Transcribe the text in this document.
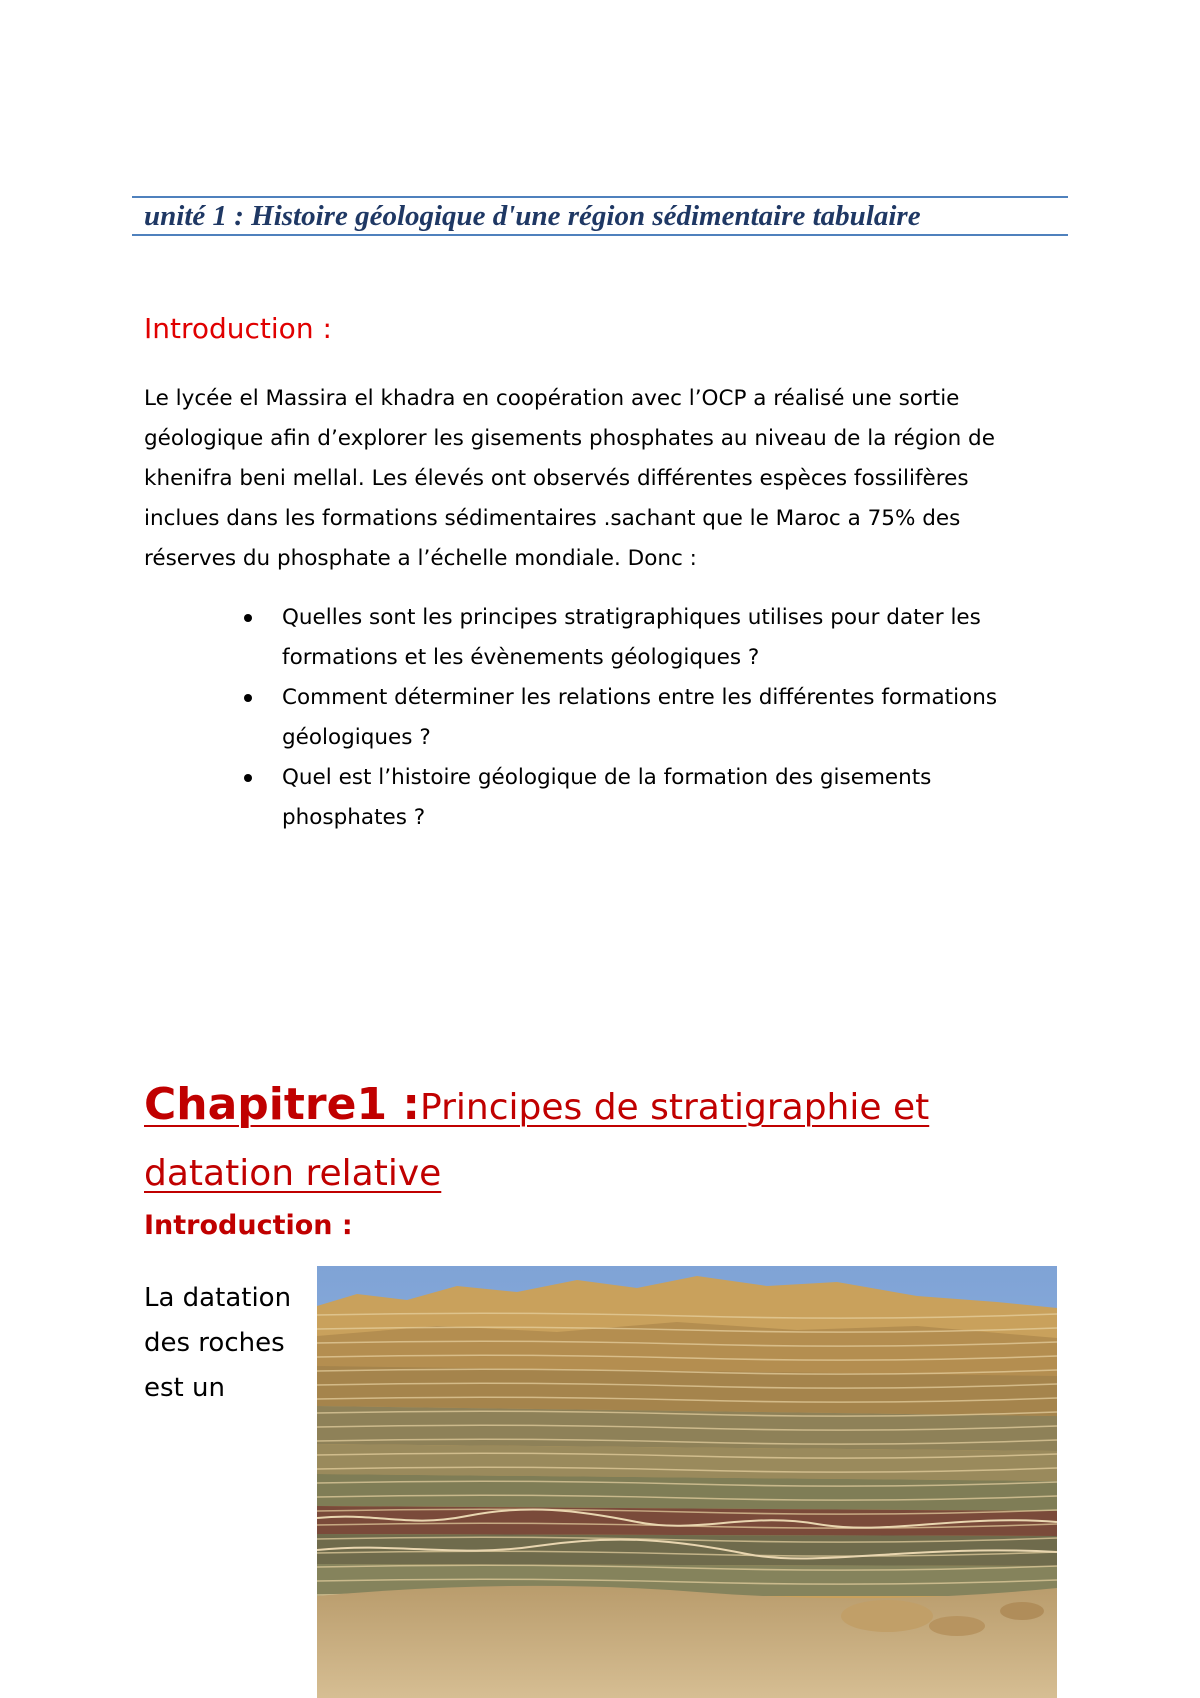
unité 1 : Histoire géologique d'une région sédimentaire tabulaire
Introduction :
Le lycée el Massira el khadra en coopération avec l’OCP a réalisé une sortie
géologique afin d’explorer les gisements phosphates au niveau de la région de
khenifra beni mellal. Les élevés ont observés différentes espèces fossilifères
inclues dans les formations sédimentaires .sachant que le Maroc a 75% des
réserves du phosphate a l’échelle mondiale. Donc :
Quelles sont les principes stratigraphiques utilises pour dater les
formations et les évènements géologiques ?
Comment déterminer les relations entre les différentes formations
géologiques ?
Quel est l’histoire géologique de la formation des gisements
phosphates ?
Chapitre1 :Principes de stratigraphie et
datation relative
Introduction :
La datation
des roches
est un
